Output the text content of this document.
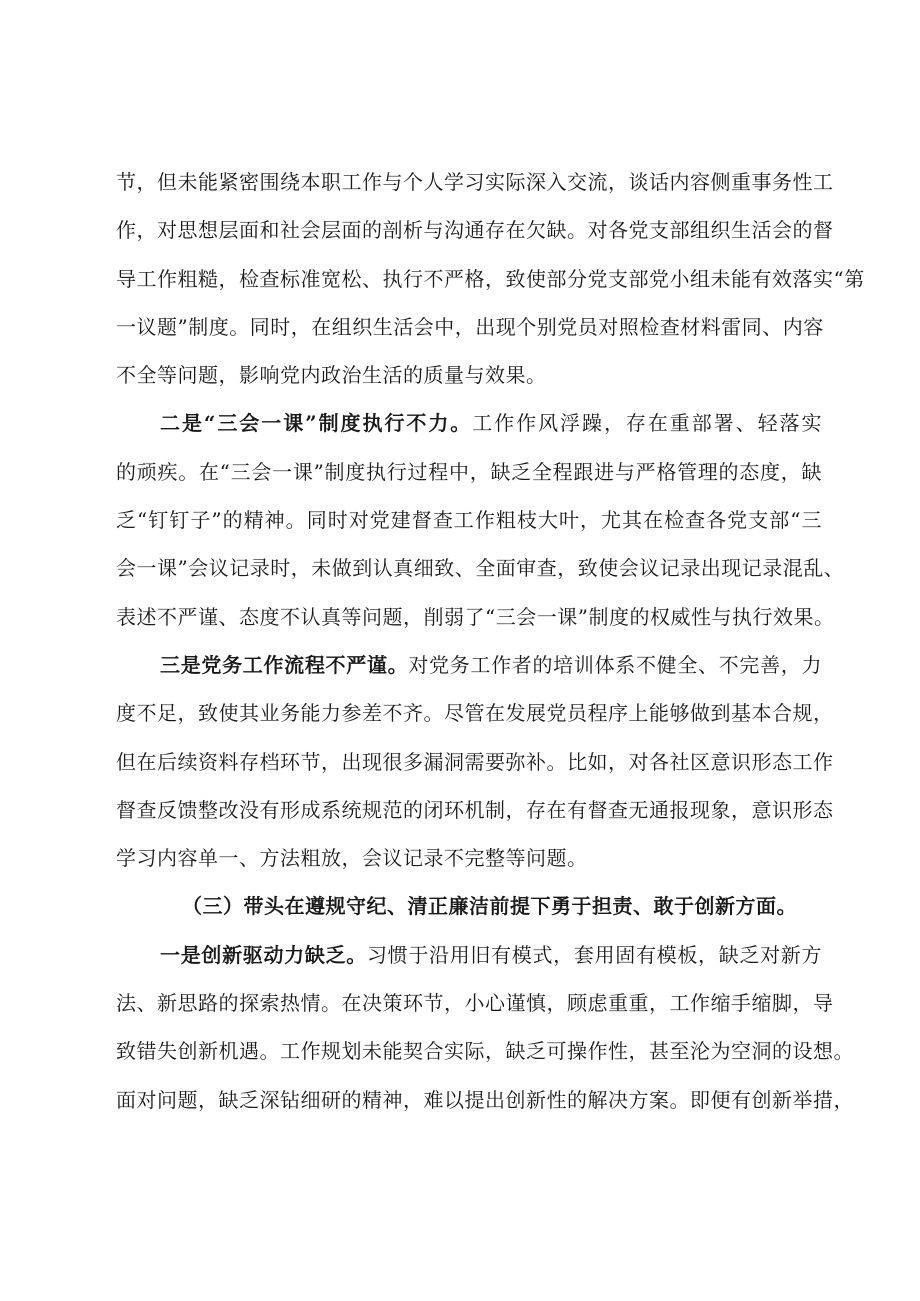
节，但未能紧密围绕本职工作与个人学习实际深入交流，谈话内容侧重事务性工
作，对思想层面和社会层面的剖析与沟通存在欠缺。对各党支部组织生活会的督
导工作粗糙，检查标准宽松、执行不严格，致使部分党支部党小组未能有效落实“第
一议题”制度。同时，在组织生活会中，出现个别党员对照检查材料雷同、内容
不全等问题，影响党内政治生活的质量与效果。
二是“三会一课”制度执行不力。工作作风浮躁，存在重部署、轻落实
的顽疾。在“三会一课”制度执行过程中，缺乏全程跟进与严格管理的态度，缺
乏“钉钉子”的精神。同时对党建督查工作粗枝大叶，尤其在检查各党支部“三
会一课”会议记录时，未做到认真细致、全面审查，致使会议记录出现记录混乱、
表述不严谨、态度不认真等问题，削弱了“三会一课”制度的权威性与执行效果。
三是党务工作流程不严谨。对党务工作者的培训体系不健全、不完善，力
度不足，致使其业务能力参差不齐。尽管在发展党员程序上能够做到基本合规，
但在后续资料存档环节，出现很多漏洞需要弥补。比如，对各社区意识形态工作
督查反馈整改没有形成系统规范的闭环机制，存在有督查无通报现象，意识形态
学习内容单一、方法粗放，会议记录不完整等问题。
（三）带头在遵规守纪、清正廉洁前提下勇于担责、敢于创新方面。
一是创新驱动力缺乏。习惯于沿用旧有模式，套用固有模板，缺乏对新方
法、新思路的探索热情。在决策环节，小心谨慎，顾虑重重，工作缩手缩脚，导
致错失创新机遇。工作规划未能契合实际，缺乏可操作性，甚至沦为空洞的设想。
面对问题，缺乏深钻细研的精神，难以提出创新性的解决方案。即便有创新举措，
